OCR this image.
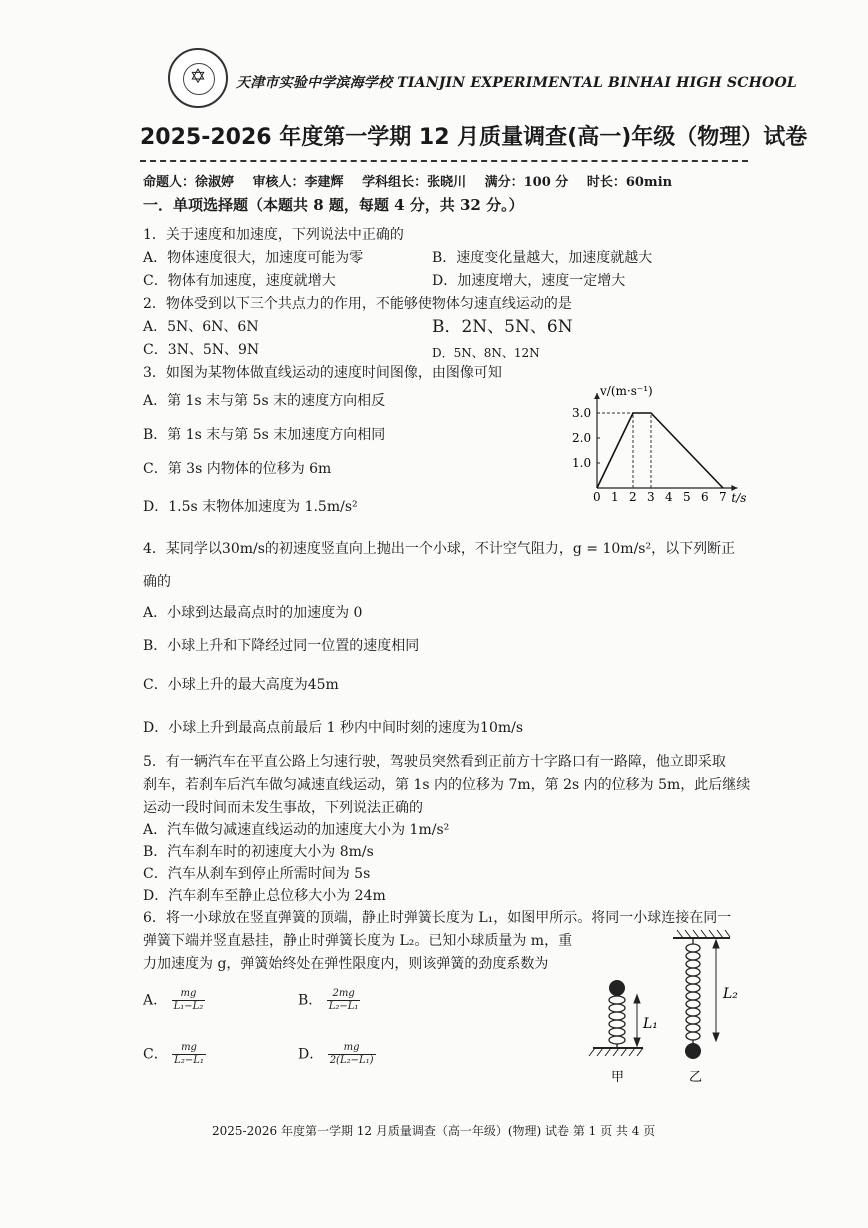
✡	天津市实验中学滨海学校 TIANJIN EXPERIMENTAL BINHAI HIGH SCHOOL
2025-2026 年度第一学期 12 月质量调查(高一)年级（物理）试卷
命题人：徐淑婷 审核人：李建辉 学科组长：张晓川 满分：100 分 时长：60min
一．单项选择题（本题共 8 题，每题 4 分，共 32 分。）
1．关于速度和加速度，下列说法中正确的
A．物体速度很大，加速度可能为零	B．速度变化量越大，加速度就越大
C．物体有加速度，速度就增大	D．加速度增大，速度一定增大
2．物体受到以下三个共点力的作用，不能够使物体匀速直线运动的是
A．5N、6N、6N	B．2N、5N、6N
C．3N、5N、9N	D．5N、8N、12N
3．如图为某物体做直线运动的速度时间图像，由图像可知
A．第 1s 末与第 5s 末的速度方向相反
B．第 1s 末与第 5s 末加速度方向相同
C．第 3s 内物体的位移为 6m
D．1.5s 末物体加速度为 1.5m/s²
0 1 2 3 4 5 6 7
1.0
2.0
3.0
t/s
v/(m·s⁻¹)
4．某同学以30m/s的初速度竖直向上抛出一个小球，不计空气阻力，g = 10m/s²，以下列断正
确的
A．小球到达最高点时的加速度为 0
B．小球上升和下降经过同一位置的速度相同
C．小球上升的最大高度为45m
D．小球上升到最高点前最后 1 秒内中间时刻的速度为10m/s
5．有一辆汽车在平直公路上匀速行驶，驾驶员突然看到正前方十字路口有一路障，他立即采取
刹车，若刹车后汽车做匀减速直线运动，第 1s 内的位移为 7m，第 2s 内的位移为 5m，此后继续
运动一段时间而未发生事故，下列说法正确的
A．汽车做匀减速直线运动的加速度大小为 1m/s²
B．汽车刹车时的初速度大小为 8m/s
C．汽车从刹车到停止所需时间为 5s
D．汽车刹车至静止总位移大小为 24m
6．将一小球放在竖直弹簧的顶端，静止时弹簧长度为 L₁，如图甲所示。将同一小球连接在同一
弹簧下端并竖直悬挂，静止时弹簧长度为 L₂。已知小球质量为 m，重
力加速度为 g，弹簧始终处在弹性限度内，则该弹簧的劲度系数为
A． $\frac{mg}{\text{L₁−L₂}}$	B． $\frac{2mg}{\text{L₂−L₁}}$
C． $\frac{mg}{\text{L₂−L₁}}$	D． $\frac{mg}{\text{2(L₂−L₁)}}$
L₂
L₁
甲	乙
2025-2026 年度第一学期 12 月质量调查（高一年级）(物理) 试卷 第 1 页 共 4 页
